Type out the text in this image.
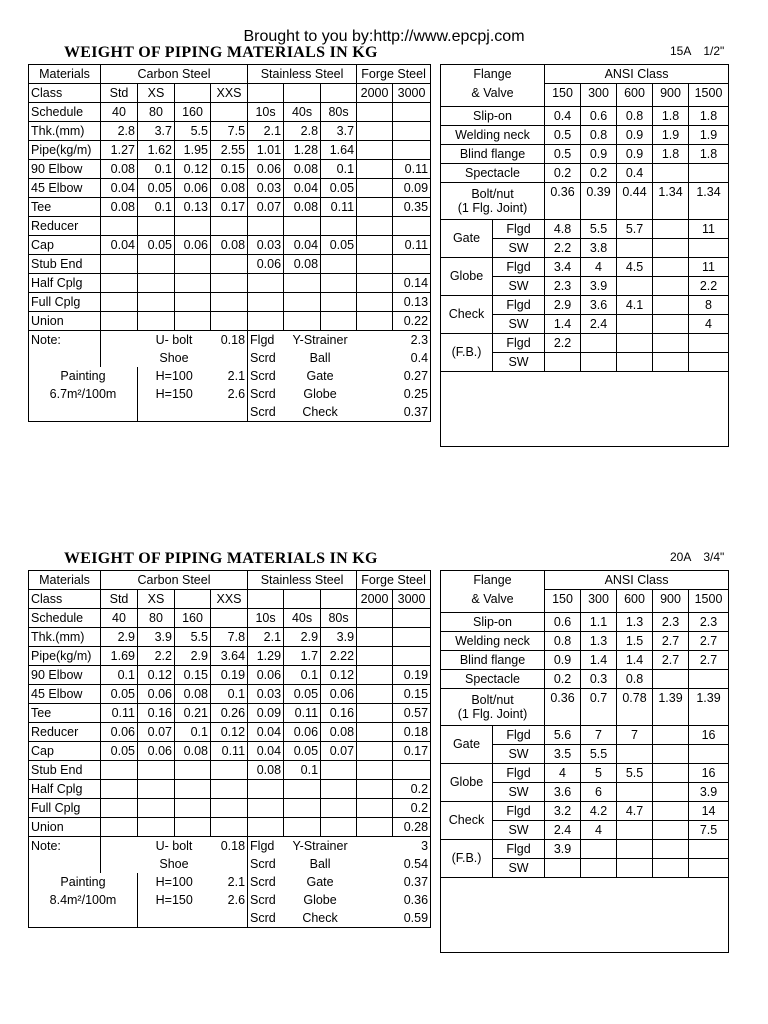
Brought to you by:http://www.epcpj.com
WEIGHT OF PIPING MATERIALS IN KG	15A 1/2"
Materials	Carbon Steel				Stainless Steel			Forge Steel	
Class	Std	XS		XXS				2000	3000
Schedule	40	80	160		10s	40s	80s		
Thk.(mm)	2.8	3.7	5.5	7.5	2.1	2.8	3.7		
Pipe(kg/m)	1.27	1.62	1.95	2.55	1.01	1.28	1.64		
90 Elbow	0.08	0.1	0.12	0.15	0.06	0.08	0.1		0.11
45 Elbow	0.04	0.05	0.06	0.08	0.03	0.04	0.05		0.09
Tee	0.08	0.1	0.13	0.17	0.07	0.08	0.11		0.35
Reducer									
Cap	0.04	0.05	0.06	0.08	0.03	0.04	0.05		0.11
Stub End					0.06	0.08			
Half Cplg									0.14
Full Cplg									0.13
Union									0.22
Note:		U- bolt		0.18	Flgd	Y-Strainer		2.3	
		Shoe			Scrd	Ball		0.4	
Painting		H=100		2.1	Scrd	Gate		0.27	
6.7m²/100m		H=150		2.6	Scrd	Globe		0.25	
					Scrd	Check		0.37	
Flange		ANSI Class				
& Valve		150	300	600	900	1500
Slip-on		0.4	0.6	0.8	1.8	1.8
Welding neck		0.5	0.8	0.9	1.9	1.9
Blind flange		0.5	0.9	0.9	1.8	1.8
Spectacle		0.2	0.2	0.4		
Bolt/nut
(1 Flg. Joint)		0.36	0.39	0.44	1.34	1.34

Gate	Flgd	4.8	5.5	5.7		11
	SW	2.2	3.8			
Globe	Flgd	3.4	4	4.5		11
	SW	2.3	3.9			2.2
Check	Flgd	2.9	3.6	4.1		8
	SW	1.4	2.4			4
(F.B.)	Flgd	2.2				
	SW					

WEIGHT OF PIPING MATERIALS IN KG	20A 3/4"
Materials	Carbon Steel				Stainless Steel			Forge Steel	
Class	Std	XS		XXS				2000	3000
Schedule	40	80	160		10s	40s	80s		
Thk.(mm)	2.9	3.9	5.5	7.8	2.1	2.9	3.9		
Pipe(kg/m)	1.69	2.2	2.9	3.64	1.29	1.7	2.22		
90 Elbow	0.1	0.12	0.15	0.19	0.06	0.1	0.12		0.19
45 Elbow	0.05	0.06	0.08	0.1	0.03	0.05	0.06		0.15
Tee	0.11	0.16	0.21	0.26	0.09	0.11	0.16		0.57
Reducer	0.06	0.07	0.1	0.12	0.04	0.06	0.08		0.18
Cap	0.05	0.06	0.08	0.11	0.04	0.05	0.07		0.17
Stub End					0.08	0.1			
Half Cplg									0.2
Full Cplg									0.2
Union									0.28
Note:		U- bolt		0.18	Flgd	Y-Strainer		3	
		Shoe			Scrd	Ball		0.54	
Painting		H=100		2.1	Scrd	Gate		0.37	
8.4m²/100m		H=150		2.6	Scrd	Globe		0.36	
					Scrd	Check		0.59	
Flange		ANSI Class				
& Valve		150	300	600	900	1500
Slip-on		0.6	1.1	1.3	2.3	2.3
Welding neck		0.8	1.3	1.5	2.7	2.7
Blind flange		0.9	1.4	1.4	2.7	2.7
Spectacle		0.2	0.3	0.8		
Bolt/nut
(1 Flg. Joint)		0.36	0.7	0.78	1.39	1.39

Gate	Flgd	5.6	7	7		16
	SW	3.5	5.5			
Globe	Flgd	4	5	5.5		16
	SW	3.6	6			3.9
Check	Flgd	3.2	4.2	4.7		14
	SW	2.4	4			7.5
(F.B.)	Flgd	3.9				
	SW					
